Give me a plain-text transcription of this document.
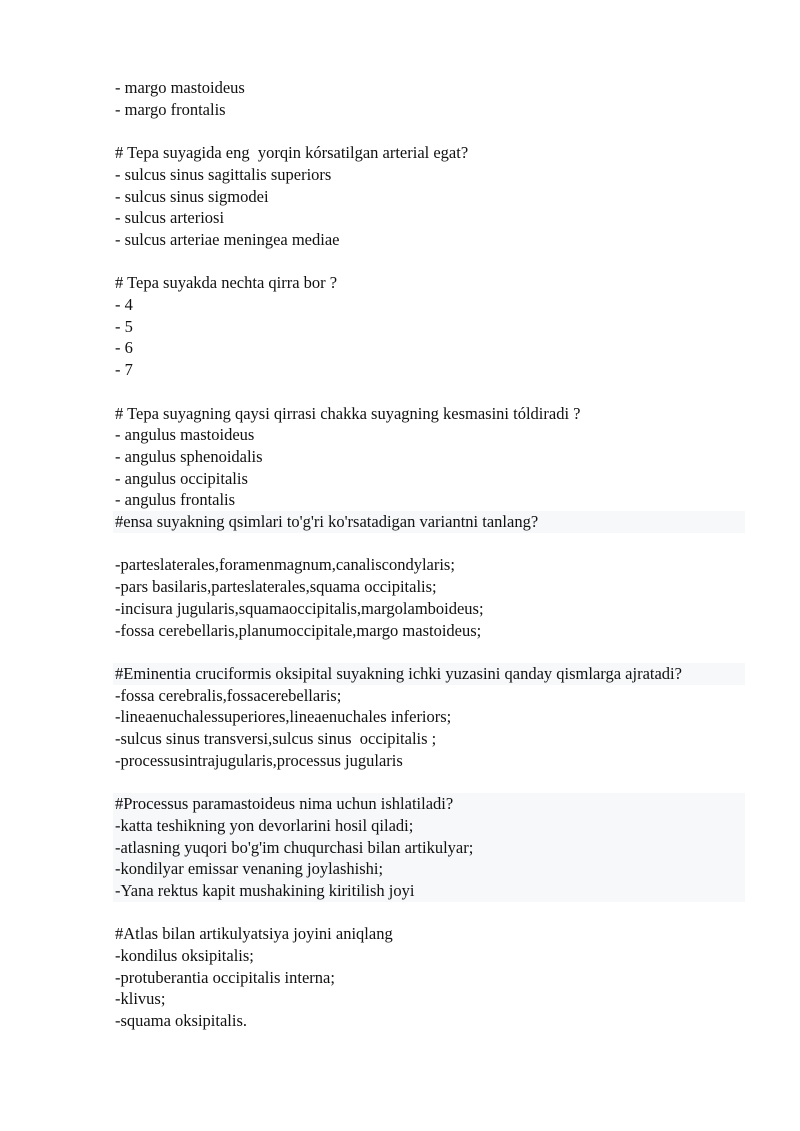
- margo mastoideus

- margo frontalis

# Tepa suyagida eng  yorqin kórsatilgan arterial egat?

- sulcus sinus sagittalis superiors

- sulcus sinus sigmodei

- sulcus arteriosi

- sulcus arteriae meningea mediae

# Tepa suyakda nechta qirra bor ?

- 4

- 5

- 6

- 7

# Tepa suyagning qaysi qirrasi chakka suyagning kesmasini tóldiradi ?

- angulus mastoideus

- angulus sphenoidalis

- angulus occipitalis

- angulus frontalis

#ensa suyakning qsimlari to'g'ri ko'rsatadigan variantni tanlang?

-parteslaterales,foramenmagnum,canaliscondylaris;

-pars basilaris,parteslaterales,squama occipitalis;

-incisura jugularis,squamaoccipitalis,margolamboideus;

-fossa cerebellaris,planumoccipitale,margo mastoideus;

#Eminentia cruciformis oksipital suyakning ichki yuzasini qanday qismlarga ajratadi?

-fossa cerebralis,fossacerebellaris;

-lineaenuchalessuperiores,lineaenuchales inferiors;

-sulcus sinus transversi,sulcus sinus  occipitalis ;

-processusintrajugularis,processus jugularis

#Processus paramastoideus nima uchun ishlatiladi?

-katta teshikning yon devorlarini hosil qiladi;

-atlasning yuqori bo'g'im chuqurchasi bilan artikulyar;

-kondilyar emissar venaning joylashishi;

-Yana rektus kapit mushakining kiritilish joyi

#Atlas bilan artikulyatsiya joyini aniqlang

-kondilus oksipitalis;

-protuberantia occipitalis interna;

-klivus;

-squama oksipitalis.
